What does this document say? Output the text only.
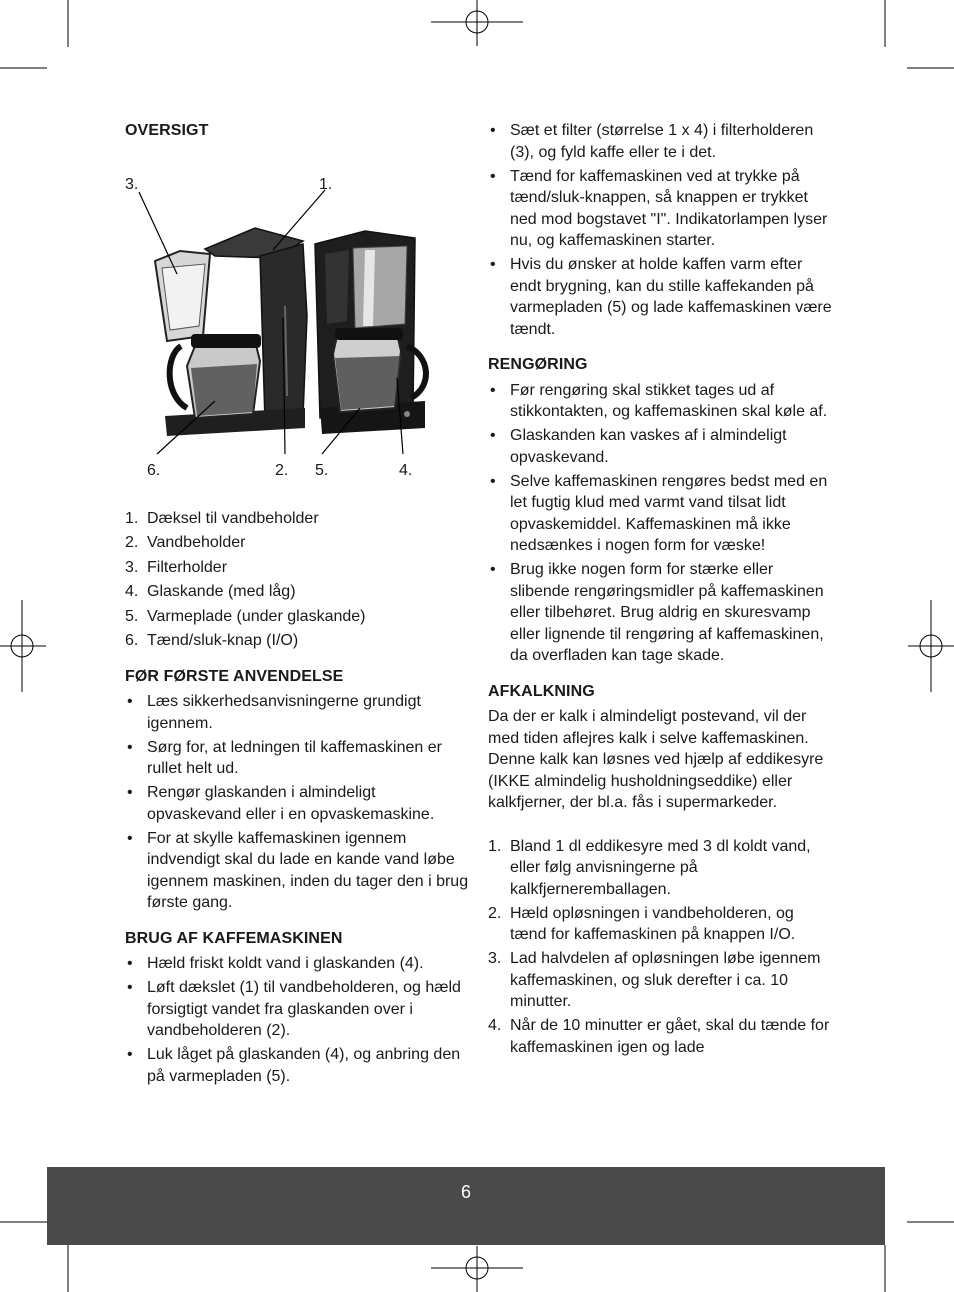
OVERSIGT
3.	1.
6.	2. 5.	4.
1. Dæksel til vandbeholder
2. Vandbeholder
3. Filterholder
4. Glaskande (med låg)
5. Varmeplade (under glaskande)
6. Tænd/sluk-knap (I/O)
FØR FØRSTE ANVENDELSE
• Læs sikkerhedsanvisningerne grundigt igennem.
• Sørg for, at ledningen til kaffemaskinen er rullet helt ud.
• Rengør glaskanden i almindeligt opvaskevand eller i en opvaskemaskine.
• For at skylle kaffemaskinen igennem indvendigt skal du lade en kande vand løbe igennem maskinen, inden du tager den i brug første gang.
BRUG AF KAFFEMASKINEN
• Hæld friskt koldt vand i glaskanden (4).
• Løft dækslet (1) til vandbeholderen, og hæld forsigtigt vandet fra glaskanden over i vandbeholderen (2).
• Luk låget på glaskanden (4), og anbring den på varmepladen (5).
• Sæt et filter (størrelse 1 x 4) i filterholderen (3), og fyld kaffe eller te i det.
• Tænd for kaffemaskinen ved at trykke på tænd/sluk-knappen, så knappen er trykket ned mod bogstavet "I". Indikatorlampen lyser nu, og kaffemaskinen starter.
• Hvis du ønsker at holde kaffen varm efter endt brygning, kan du stille kaffekanden på varmepladen (5) og lade kaffemaskinen være tændt.
RENGØRING
• Før rengøring skal stikket tages ud af stikkontakten, og kaffemaskinen skal køle af.
• Glaskanden kan vaskes af i almindeligt opvaskevand.
• Selve kaffemaskinen rengøres bedst med en let fugtig klud med varmt vand tilsat lidt opvaskemiddel. Kaffemaskinen må ikke nedsænkes i nogen form for væske!
• Brug ikke nogen form for stærke eller slibende rengøringsmidler på kaffemaskinen eller tilbehøret. Brug aldrig en skuresvamp eller lignende til rengøring af kaffemaskinen, da overfladen kan tage skade.
AFKALKNING

Da der er kalk i almindeligt postevand, vil der med tiden aflejres kalk i selve kaffemaskinen. Denne kalk kan løsnes ved hjælp af eddikesyre (IKKE almindelig husholdningseddike) eller kalkfjerner, der bl.a. fås i supermarkeder.

1. Bland 1 dl eddikesyre med 3 dl koldt vand, eller følg anvisningerne på kalkfjerneremballagen.
2. Hæld opløsningen i vandbeholderen, og tænd for kaffemaskinen på knappen I/O.
3. Lad halvdelen af opløsningen løbe igennem kaffemaskinen, og sluk derefter i ca. 10 minutter.
4. Når de 10 minutter er gået, skal du tænde for kaffemaskinen igen og lade
6
